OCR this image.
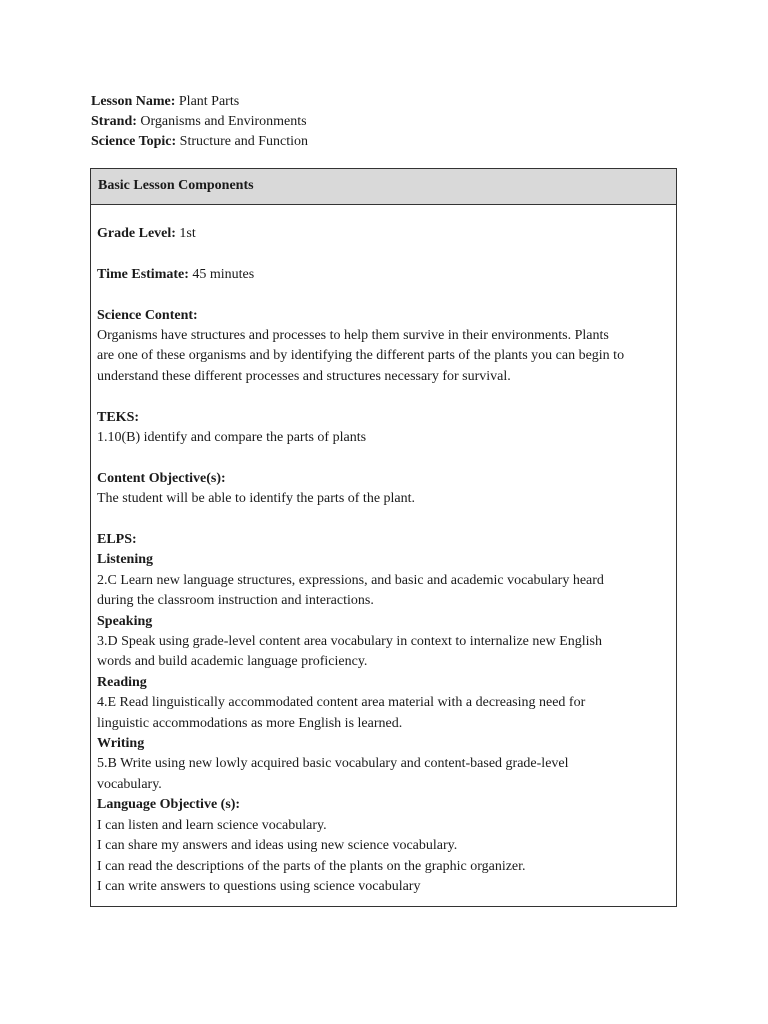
Lesson Name: Plant Parts
Strand: Organisms and Environments
Science Topic: Structure and Function
Basic Lesson Components
Grade Level: 1st
Time Estimate: 45 minutes
Science Content:
Organisms have structures and processes to help them survive in their environments. Plants
are one of these organisms and by identifying the different parts of the plants you can begin to
understand these different processes and structures necessary for survival.
TEKS:
1.10(B) identify and compare the parts of plants
Content Objective(s):
The student will be able to identify the parts of the plant.
ELPS:
Listening
2.C Learn new language structures, expressions, and basic and academic vocabulary heard
during the classroom instruction and interactions.
Speaking
3.D Speak using grade-level content area vocabulary in context to internalize new English
words and build academic language proficiency.
Reading
4.E Read linguistically accommodated content area material with a decreasing need for
linguistic accommodations as more English is learned.
Writing
5.B Write using new lowly acquired basic vocabulary and content-based grade-level
vocabulary.
Language Objective (s):
I can listen and learn science vocabulary.
I can share my answers and ideas using new science vocabulary.
I can read the descriptions of the parts of the plants on the graphic organizer.
I can write answers to questions using science vocabulary
